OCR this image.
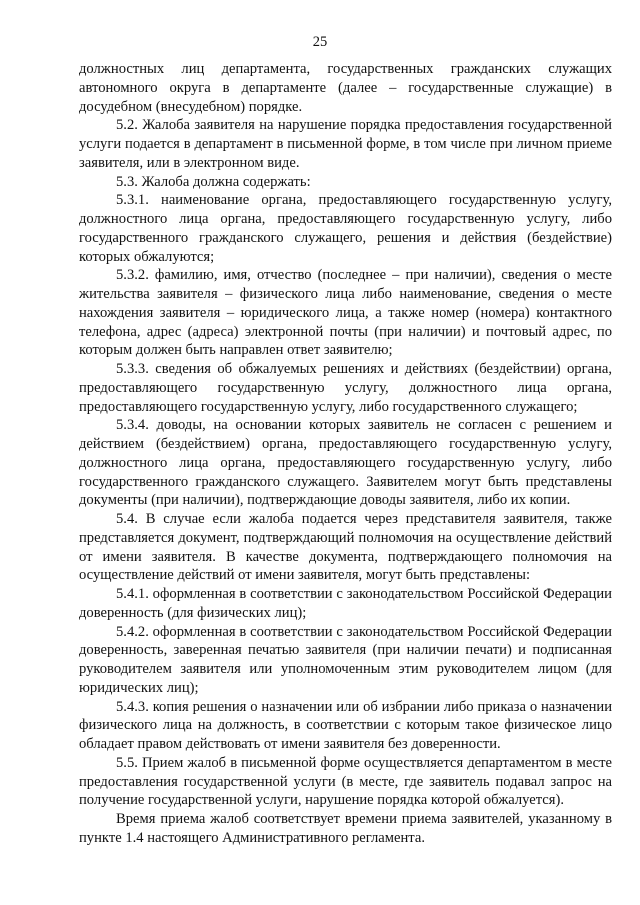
25

должностных лиц департамента, государственных гражданских служащих автономного округа в департаменте (далее – государственные служащие) в досудебном (внесудебном) порядке.

5.2. Жалоба заявителя на нарушение порядка предоставления государственной услуги подается в департамент в письменной форме, в том числе при личном приеме заявителя, или в электронном виде.

5.3. Жалоба должна содержать:

5.3.1. наименование органа, предоставляющего государственную услугу, должностного лица органа, предоставляющего государственную услугу, либо государственного гражданского служащего, решения и действия (бездействие) которых обжалуются;

5.3.2. фамилию, имя, отчество (последнее – при наличии), сведения о месте жительства заявителя – физического лица либо наименование, сведения о месте нахождения заявителя – юридического лица, а также номер (номера) контактного телефона, адрес (адреса) электронной почты (при наличии) и почтовый адрес, по которым должен быть направлен ответ заявителю;

5.3.3. сведения об обжалуемых решениях и действиях (бездействии) органа, предоставляющего государственную услугу, должностного лица органа, предоставляющего государственную услугу, либо государственного служащего;

5.3.4. доводы, на основании которых заявитель не согласен с решением и действием (бездействием) органа, предоставляющего государственную услугу, должностного лица органа, предоставляющего государственную услугу, либо государственного гражданского служащего. Заявителем могут быть представлены документы (при наличии), подтверждающие доводы заявителя, либо их копии.

5.4. В случае если жалоба подается через представителя заявителя, также представляется документ, подтверждающий полномочия на осуществление действий от имени заявителя. В качестве документа, подтверждающего полномочия на осуществление действий от имени заявителя, могут быть представлены:

5.4.1. оформленная в соответствии с законодательством Российской Федерации доверенность (для физических лиц);

5.4.2. оформленная в соответствии с законодательством Российской Федерации доверенность, заверенная печатью заявителя (при наличии печати) и подписанная руководителем заявителя или уполномоченным этим руководителем лицом (для юридических лиц);

5.4.3. копия решения о назначении или об избрании либо приказа о назначении физического лица на должность, в соответствии с которым такое физическое лицо обладает правом действовать от имени заявителя без доверенности.

5.5. Прием жалоб в письменной форме осуществляется департаментом в месте предоставления государственной услуги (в месте, где заявитель подавал запрос на получение государственной услуги, нарушение порядка которой обжалуется).

Время приема жалоб соответствует времени приема заявителей, указанному в пункте 1.4 настоящего Административного регламента.
